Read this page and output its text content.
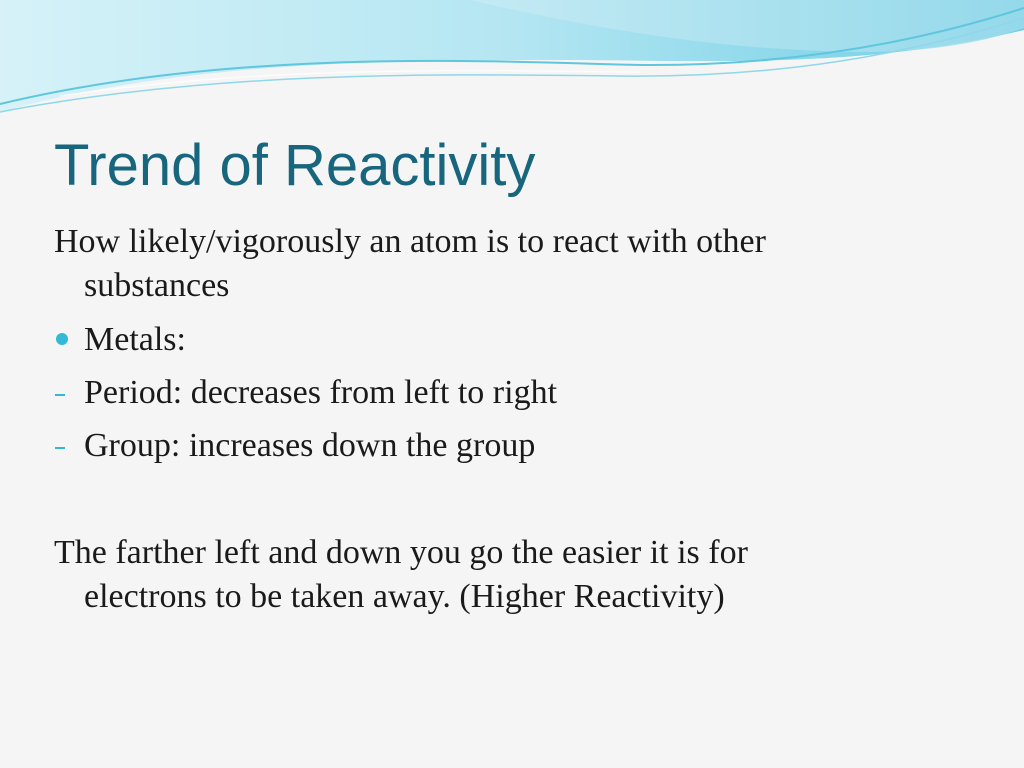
Trend of Reactivity
How likely/vigorously an atom is to react with other
substances
Metals:
Period: decreases from left to right
Group: increases down the group
The farther left and down you go the easier it is for
electrons to be taken away. (Higher Reactivity)
